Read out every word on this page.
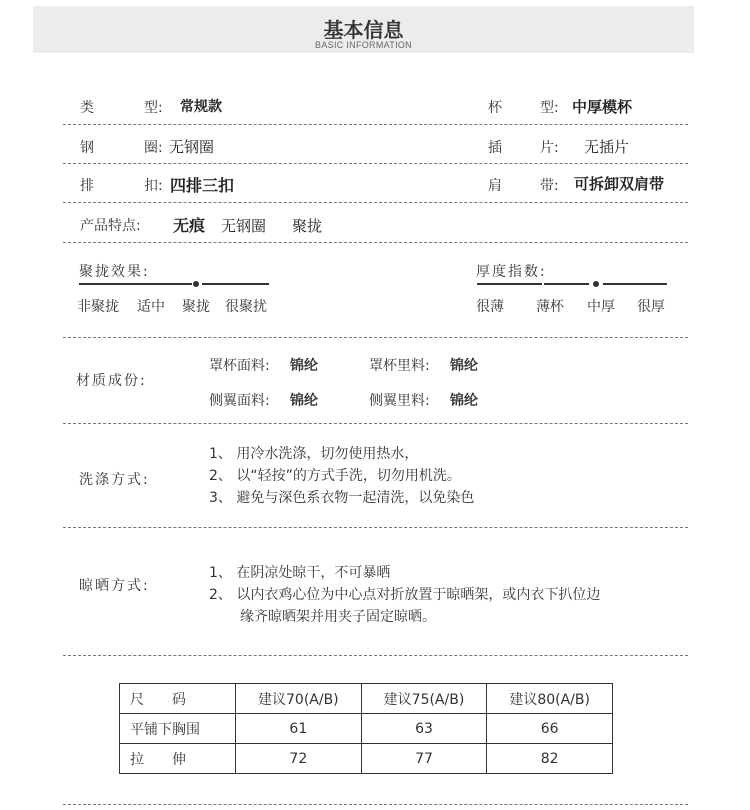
基本信息
BASIC INFORMATION
类	型: 常规款	杯	型: 中厚模杯
钢	圈: 无钢圈	插	片: 无插片
排	扣: 四排三扣	肩	带: 可拆卸双肩带
产品特点: 无痕 无钢圈 聚拢
聚拢效果:
非聚拢 适中 聚拢 很聚扰
厚度指数:
很薄 薄杯 中厚 很厚
材质成份:
罩杯面料: 锦纶	罩杯里料: 锦纶
侧翼面料: 锦纶	侧翼里料: 锦纶
洗涤方式:
1、 用冷水洗涤，切勿使用热水，
2、 以“轻按”的方式手洗，切勿用机洗。
3、 避免与深色系衣物一起清洗，以免染色
晾晒方式:
1、 在阴凉处晾干，不可暴晒
2、 以内衣鸡心位为中心点对折放置于晾晒架，或内衣下扒位边
缘齐晾晒架并用夹子固定晾晒。
尺　　码	建议70(A/B)	建议75(A/B)	建议80(A/B)
平铺下胸围	61	63	66
拉　　伸	72	77	82
